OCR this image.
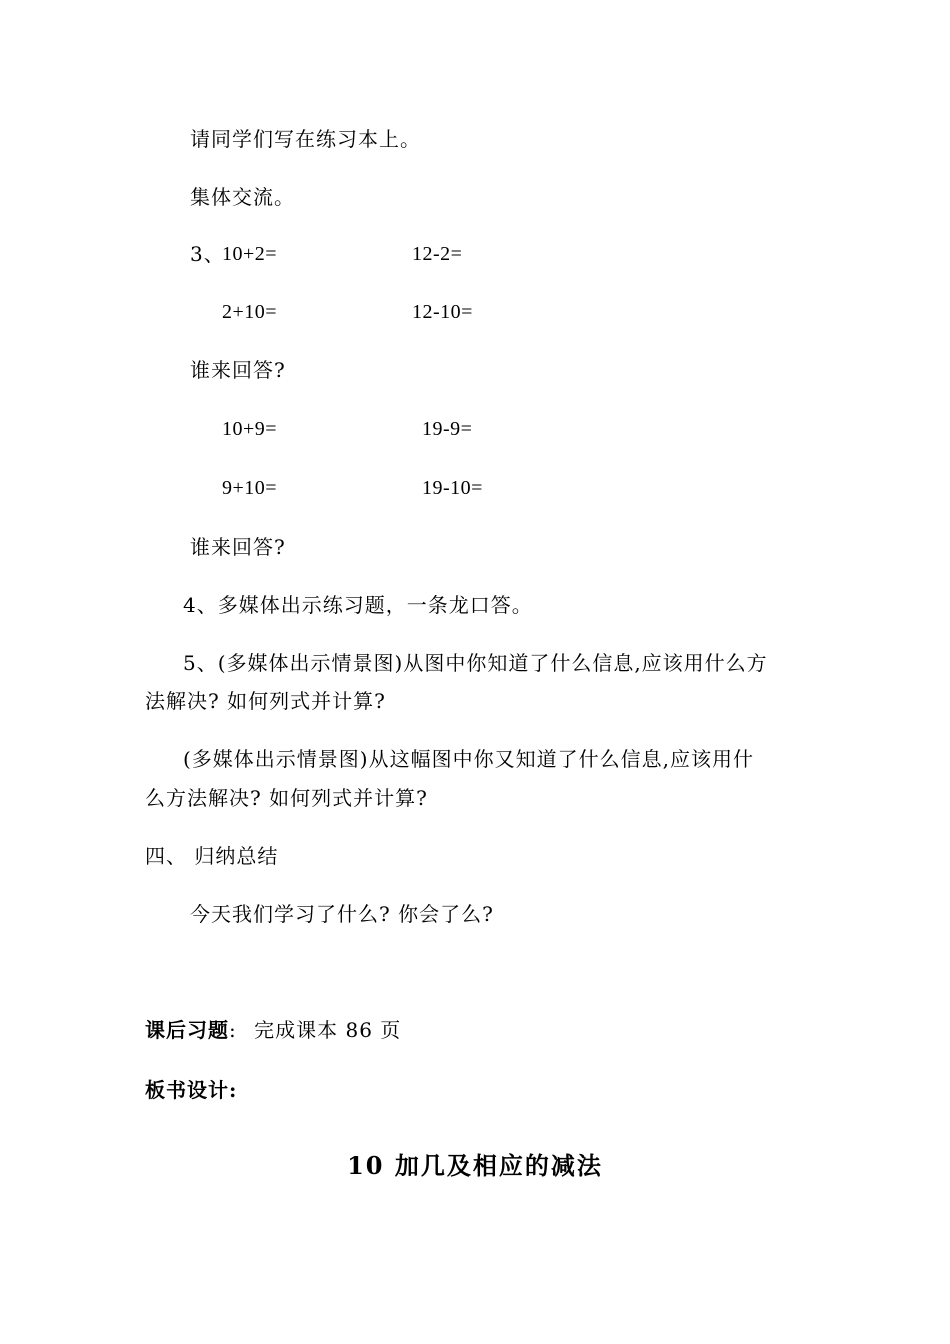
请同学们写在练习本上。
集体交流。
3、
10+2=	12-2=
2+10=	12-10=
谁来回答?
10+9=	19-9=
9+10=	19-10=
谁来回答?
4、多媒体出示练习题，一条龙口答。
5、(多媒体出示情景图)从图中你知道了什么信息,应该用什么方
法解决? 如何列式并计算?
(多媒体出示情景图)从这幅图中你又知道了什么信息,应该用什
么方法解决? 如何列式并计算?
四、 归纳总结
今天我们学习了什么? 你会了么?
课后习题: 完成课本 86 页
板书设计:
10 加几及相应的减法
